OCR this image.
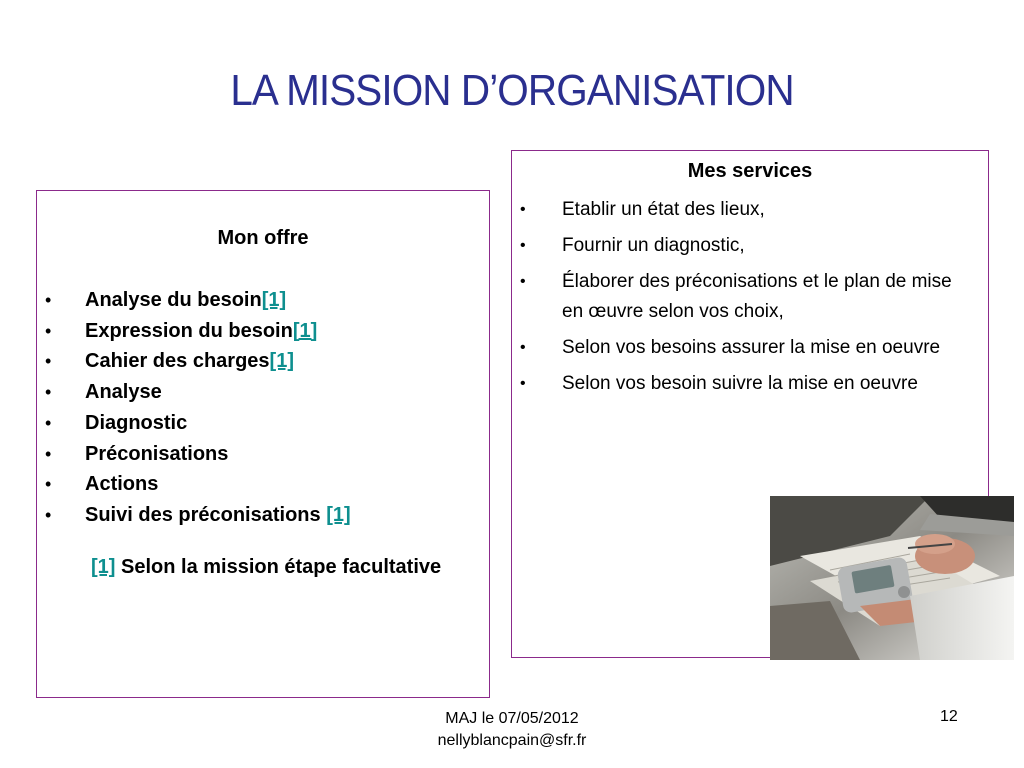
LA MISSION D’ORGANISATION
Mon offre
•	Analyse du besoin [1]
•	Expression du besoin [1]
•	Cahier des charges [1]
•	Analyse
•	Diagnostic
•	Préconisations
•	Actions
•	Suivi des préconisations [1]
[1] Selon la mission étape facultative
Mes services
•	Etablir un état des lieux,
•	Fournir un diagnostic,
•	Élaborer des préconisations et le plan de mise en œuvre selon vos choix,
•	Selon vos besoins assurer la mise en oeuvre
•	Selon vos besoin suivre la mise en oeuvre
MAJ le 07/05/2012
nellyblancpain@sfr.fr
12
